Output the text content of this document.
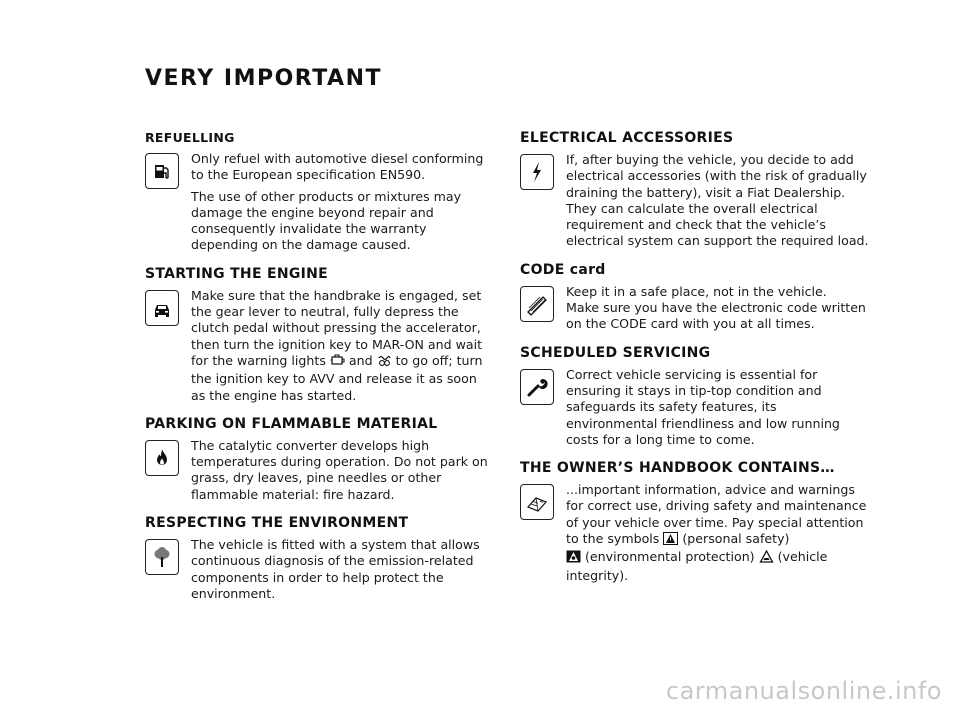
VERY IMPORTANT
REFUELLING

Only refuel with automotive diesel conforming to the European specification EN590.

The use of other products or mixtures may damage the engine beyond repair and consequently invalidate the warranty depending on the damage caused.

STARTING THE ENGINE

Make sure that the handbrake is engaged, set the gear lever to neutral, fully depress the clutch pedal without pressing the accelerator, then turn the ignition key to MAR-ON and wait for the warning lights  and  to go off; turn the ignition key to AVV and release it as soon as the engine has started.

PARKING ON FLAMMABLE MATERIAL

The catalytic converter develops high temperatures during operation. Do not park on grass, dry leaves, pine needles or other flammable material: fire hazard.

RESPECTING THE ENVIRONMENT

The vehicle is fitted with a system that allows continuous diagnosis of the emission-related components in order to help protect the environment.

ELECTRICAL ACCESSORIES

If, after buying the vehicle, you decide to add electrical accessories (with the risk of gradually draining the battery), visit a Fiat Dealership. They can calculate the overall electrical requirement and check that the vehicle’s electrical system can support the required load.

CODE card

Keep it in a safe place, not in the vehicle.

Make sure you have the electronic code written on the CODE card with you at all times.

SCHEDULED SERVICING

Correct vehicle servicing is essential for ensuring it stays in tip-top condition and safeguards its safety features, its environmental friendliness and low running costs for a long time to come.

THE OWNER’S HANDBOOK CONTAINS…

...important information, advice and warnings for correct use, driving safety and maintenance of your vehicle over time. Pay special attention to the symbols  (personal safety)
(environmental protection)  (vehicle integrity).

carmanualsonline.info
